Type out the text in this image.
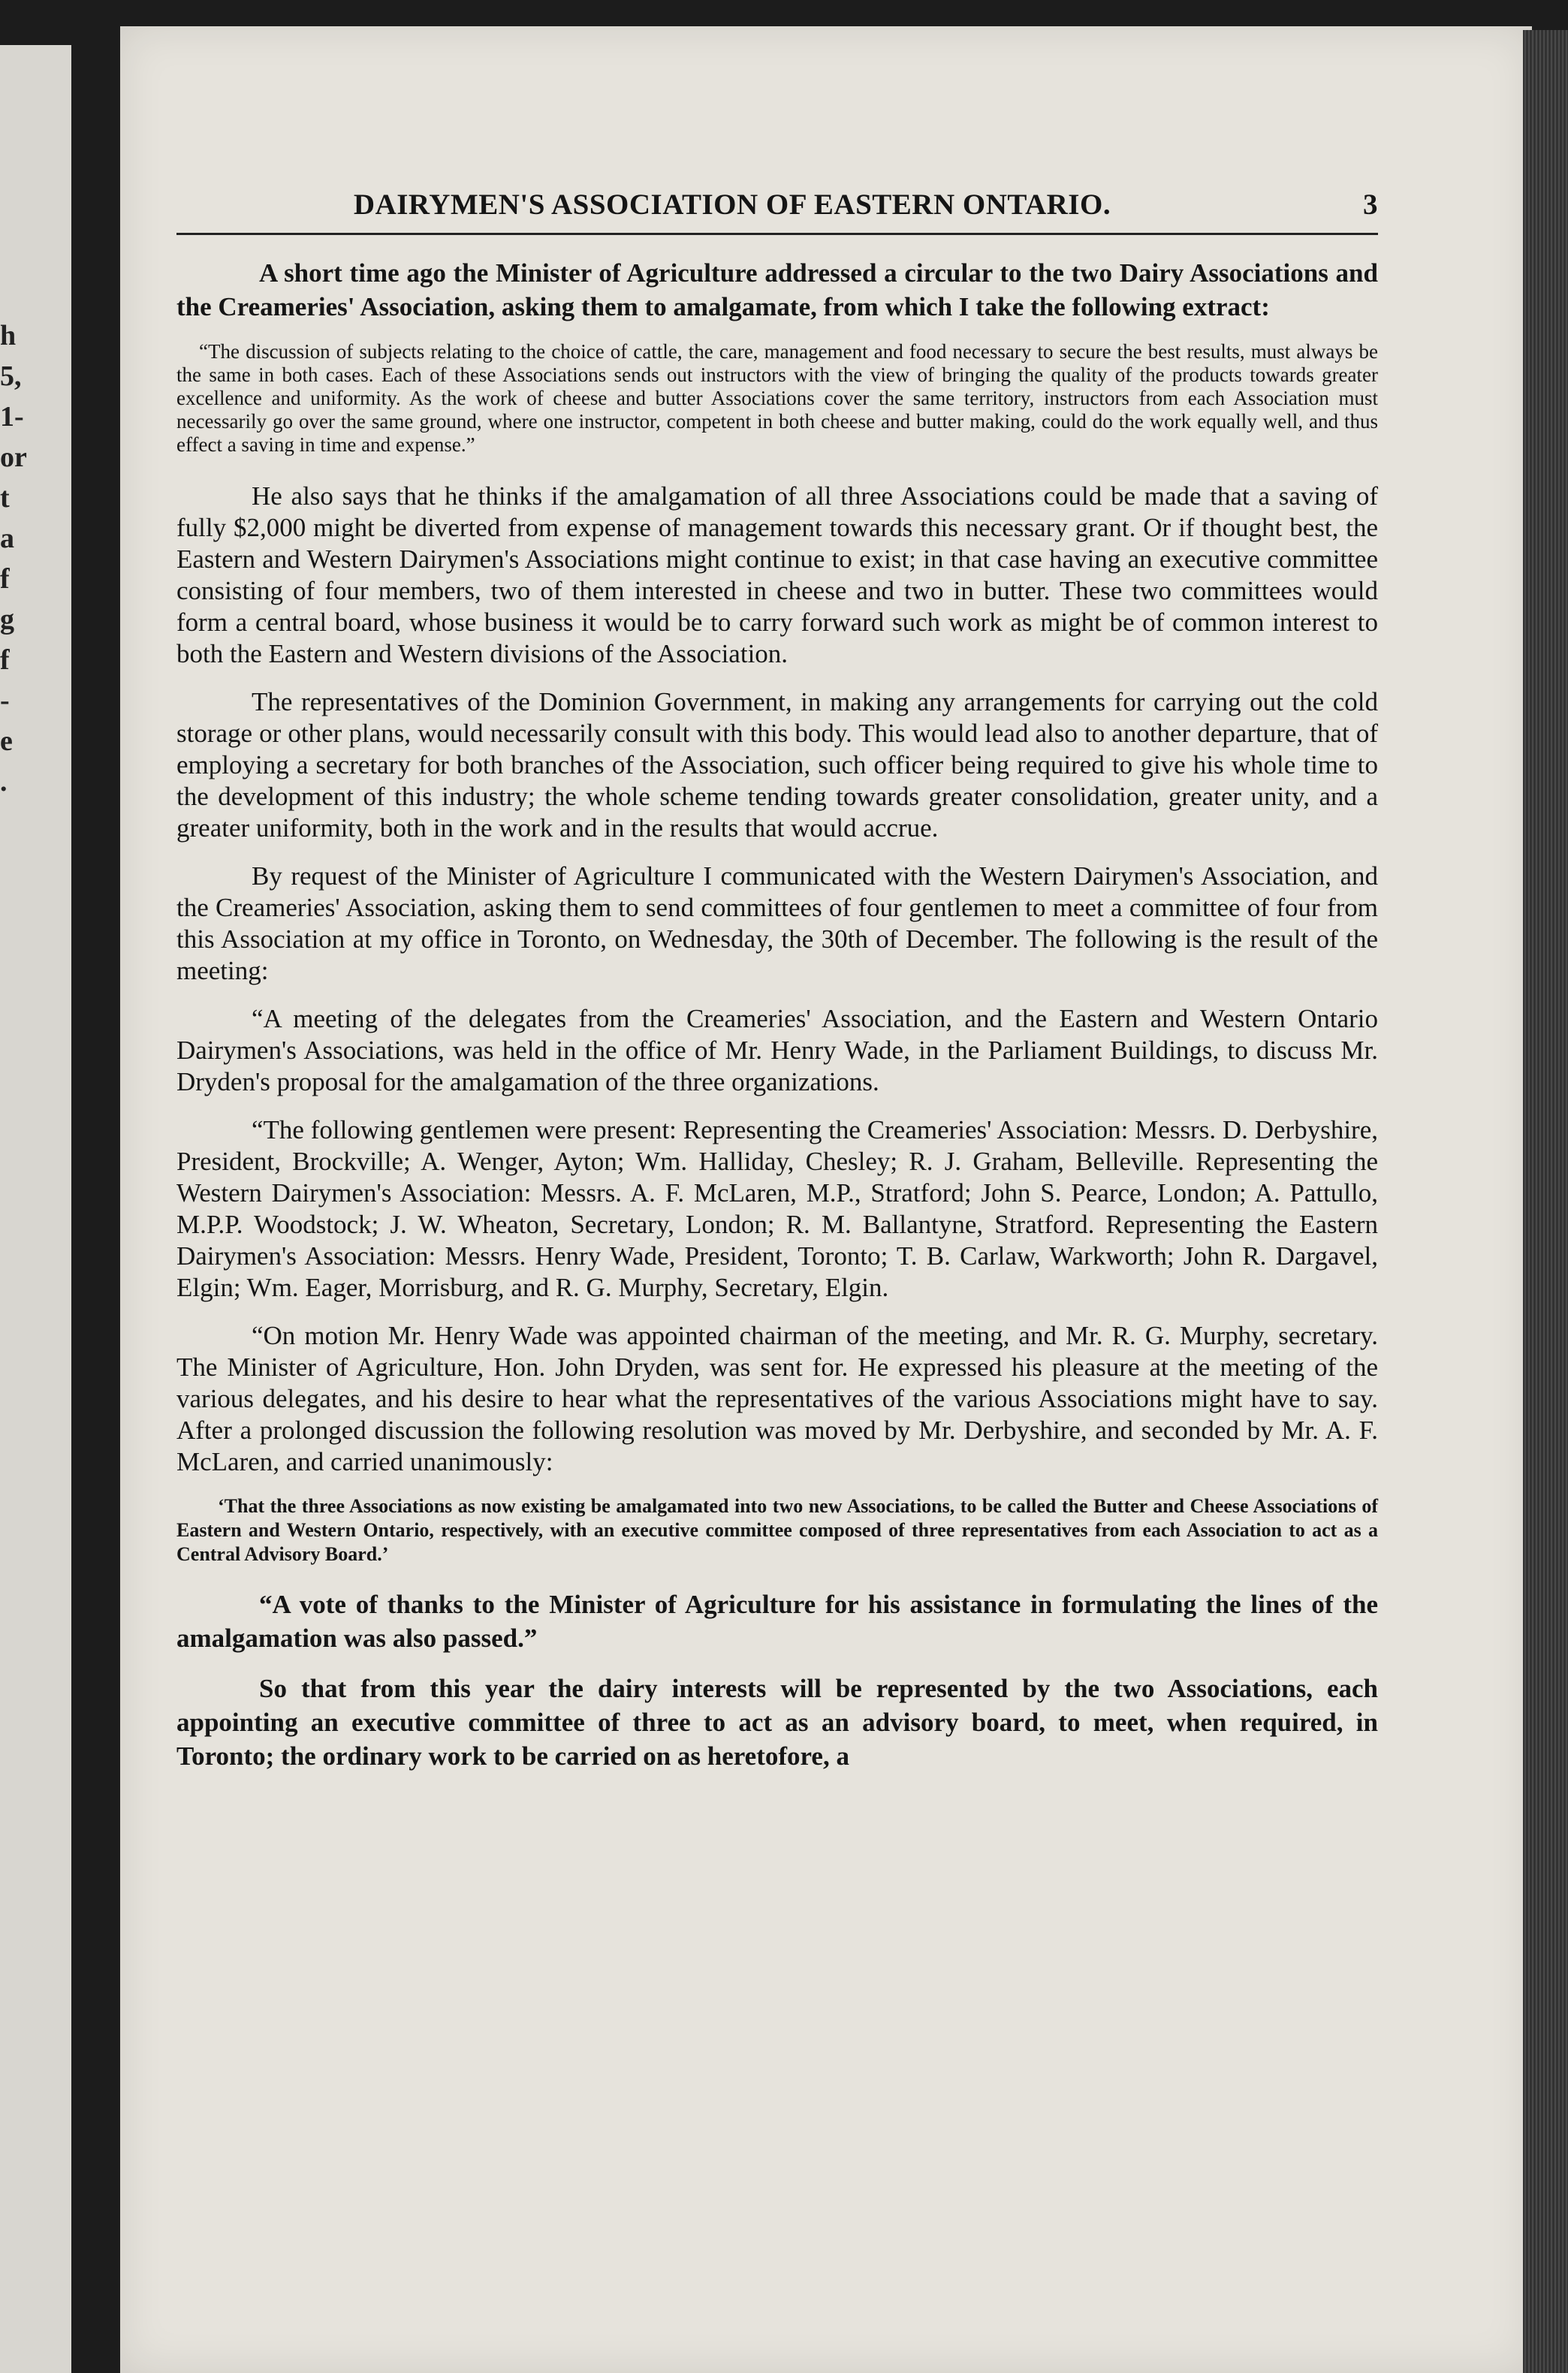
h
5,
1-
or
t
a
f
g
f
-
e
.
DAIRYMEN'S ASSOCIATION OF EASTERN ONTARIO.	3

A short time ago the Minister of Agriculture addressed a circular to the two Dairy Associations and the Creameries' Association, asking them to amalgamate, from which I take the following extract:

“The discussion of subjects relating to the choice of cattle, the care, management and food necessary to secure the best results, must always be the same in both cases. Each of these Associations sends out instructors with the view of bringing the quality of the products towards greater excellence and uniformity. As the work of cheese and butter Associations cover the same territory, instructors from each Association must necessarily go over the same ground, where one instructor, competent in both cheese and butter making, could do the work equally well, and thus effect a saving in time and expense.”

He also says that he thinks if the amalgamation of all three Associations could be made that a saving of fully $2,000 might be diverted from expense of management towards this necessary grant. Or if thought best, the Eastern and Western Dairymen's Associations might continue to exist; in that case having an executive committee consisting of four members, two of them interested in cheese and two in butter. These two committees would form a central board, whose business it would be to carry forward such work as might be of common interest to both the Eastern and Western divisions of the Association.

The representatives of the Dominion Government, in making any arrangements for carrying out the cold storage or other plans, would necessarily consult with this body. This would lead also to another departure, that of employing a secretary for both branches of the Association, such officer being required to give his whole time to the development of this industry; the whole scheme tending towards greater consolidation, greater unity, and a greater uniformity, both in the work and in the results that would accrue.

By request of the Minister of Agriculture I communicated with the Western Dairymen's Association, and the Creameries' Association, asking them to send committees of four gentlemen to meet a committee of four from this Association at my office in Toronto, on Wednesday, the 30th of December. The following is the result of the meeting:

“A meeting of the delegates from the Creameries' Association, and the Eastern and Western Ontario Dairymen's Associations, was held in the office of Mr. Henry Wade, in the Parliament Buildings, to discuss Mr. Dryden's proposal for the amalgamation of the three organizations.

“The following gentlemen were present: Representing the Creameries' Association: Messrs. D. Derbyshire, President, Brockville; A. Wenger, Ayton; Wm. Halliday, Chesley; R. J. Graham, Belleville. Representing the Western Dairymen's Association: Messrs. A. F. McLaren, M.P., Stratford; John S. Pearce, London; A. Pattullo, M.P.P. Woodstock; J. W. Wheaton, Secretary, London; R. M. Ballantyne, Stratford. Representing the Eastern Dairymen's Association: Messrs. Henry Wade, President, Toronto; T. B. Carlaw, Warkworth; John R. Dargavel, Elgin; Wm. Eager, Morrisburg, and R. G. Murphy, Secretary, Elgin.

“On motion Mr. Henry Wade was appointed chairman of the meeting, and Mr. R. G. Murphy, secretary. The Minister of Agriculture, Hon. John Dryden, was sent for. He expressed his pleasure at the meeting of the various delegates, and his desire to hear what the representatives of the various Associations might have to say. After a prolonged discussion the following resolution was moved by Mr. Derbyshire, and seconded by Mr. A. F. McLaren, and carried unanimously:

‘That the three Associations as now existing be amalgamated into two new Associations, to be called the Butter and Cheese Associations of Eastern and Western Ontario, respectively, with an executive committee composed of three representatives from each Association to act as a Central Advisory Board.’

“A vote of thanks to the Minister of Agriculture for his assistance in formulating the lines of the amalgamation was also passed.”

So that from this year the dairy interests will be represented by the two Associations, each appointing an executive committee of three to act as an advisory board, to meet, when required, in Toronto; the ordinary work to be carried on as heretofore, a
